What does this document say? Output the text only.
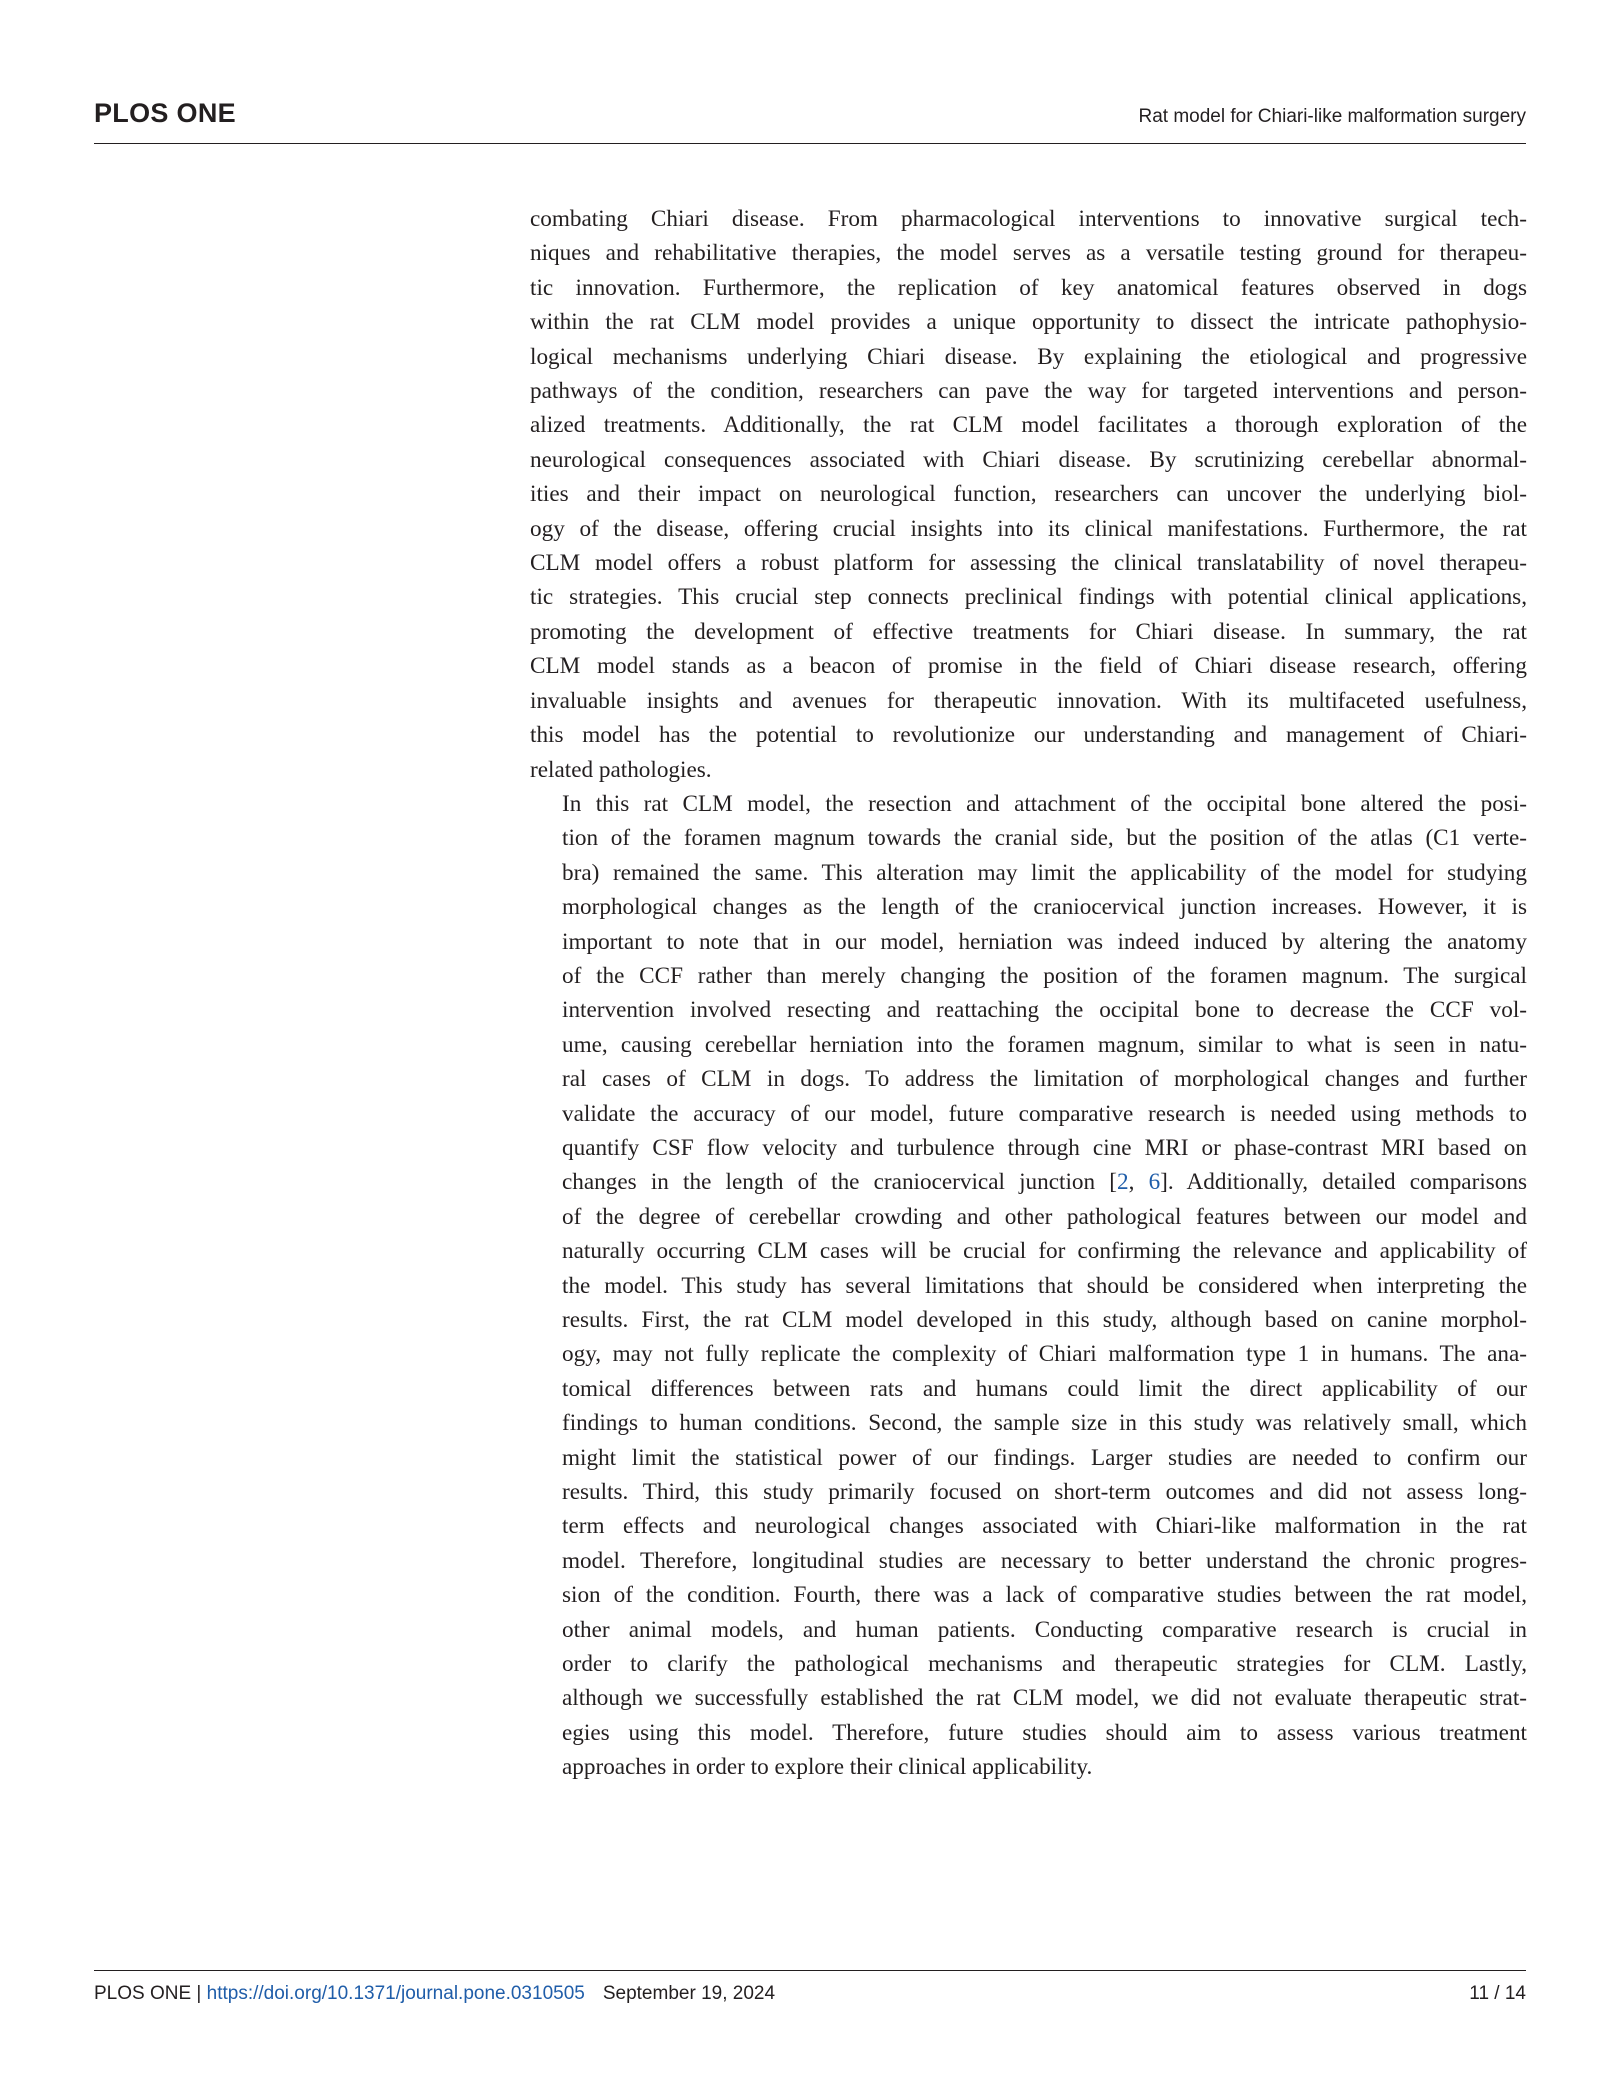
PLOS ONE	Rat model for Chiari-like malformation surgery

combating Chiari disease. From pharmacological interventions to innovative surgical tech-
niques and rehabilitative therapies, the model serves as a versatile testing ground for therapeu-
tic innovation. Furthermore, the replication of key anatomical features observed in dogs
within the rat CLM model provides a unique opportunity to dissect the intricate pathophysio-
logical mechanisms underlying Chiari disease. By explaining the etiological and progressive
pathways of the condition, researchers can pave the way for targeted interventions and person-
alized treatments. Additionally, the rat CLM model facilitates a thorough exploration of the
neurological consequences associated with Chiari disease. By scrutinizing cerebellar abnormal-
ities and their impact on neurological function, researchers can uncover the underlying biol-
ogy of the disease, offering crucial insights into its clinical manifestations. Furthermore, the rat
CLM model offers a robust platform for assessing the clinical translatability of novel therapeu-
tic strategies. This crucial step connects preclinical findings with potential clinical applications,
promoting the development of effective treatments for Chiari disease. In summary, the rat
CLM model stands as a beacon of promise in the field of Chiari disease research, offering
invaluable insights and avenues for therapeutic innovation. With its multifaceted usefulness,
this model has the potential to revolutionize our understanding and management of Chiari-
related pathologies.

In this rat CLM model, the resection and attachment of the occipital bone altered the posi-
tion of the foramen magnum towards the cranial side, but the position of the atlas (C1 verte-
bra) remained the same. This alteration may limit the applicability of the model for studying
morphological changes as the length of the craniocervical junction increases. However, it is
important to note that in our model, herniation was indeed induced by altering the anatomy
of the CCF rather than merely changing the position of the foramen magnum. The surgical
intervention involved resecting and reattaching the occipital bone to decrease the CCF vol-
ume, causing cerebellar herniation into the foramen magnum, similar to what is seen in natu-
ral cases of CLM in dogs. To address the limitation of morphological changes and further
validate the accuracy of our model, future comparative research is needed using methods to
quantify CSF flow velocity and turbulence through cine MRI or phase-contrast MRI based on
changes in the length of the craniocervical junction [2, 6]. Additionally, detailed comparisons
of the degree of cerebellar crowding and other pathological features between our model and
naturally occurring CLM cases will be crucial for confirming the relevance and applicability of
the model. This study has several limitations that should be considered when interpreting the
results. First, the rat CLM model developed in this study, although based on canine morphol-
ogy, may not fully replicate the complexity of Chiari malformation type 1 in humans. The ana-
tomical differences between rats and humans could limit the direct applicability of our
findings to human conditions. Second, the sample size in this study was relatively small, which
might limit the statistical power of our findings. Larger studies are needed to confirm our
results. Third, this study primarily focused on short-term outcomes and did not assess long-
term effects and neurological changes associated with Chiari-like malformation in the rat
model. Therefore, longitudinal studies are necessary to better understand the chronic progres-
sion of the condition. Fourth, there was a lack of comparative studies between the rat model,
other animal models, and human patients. Conducting comparative research is crucial in
order to clarify the pathological mechanisms and therapeutic strategies for CLM. Lastly,
although we successfully established the rat CLM model, we did not evaluate therapeutic strat-
egies using this model. Therefore, future studies should aim to assess various treatment
approaches in order to explore their clinical applicability.

PLOS ONE | https://doi.org/10.1371/journal.pone.0310505 September 19, 2024	11 / 14
